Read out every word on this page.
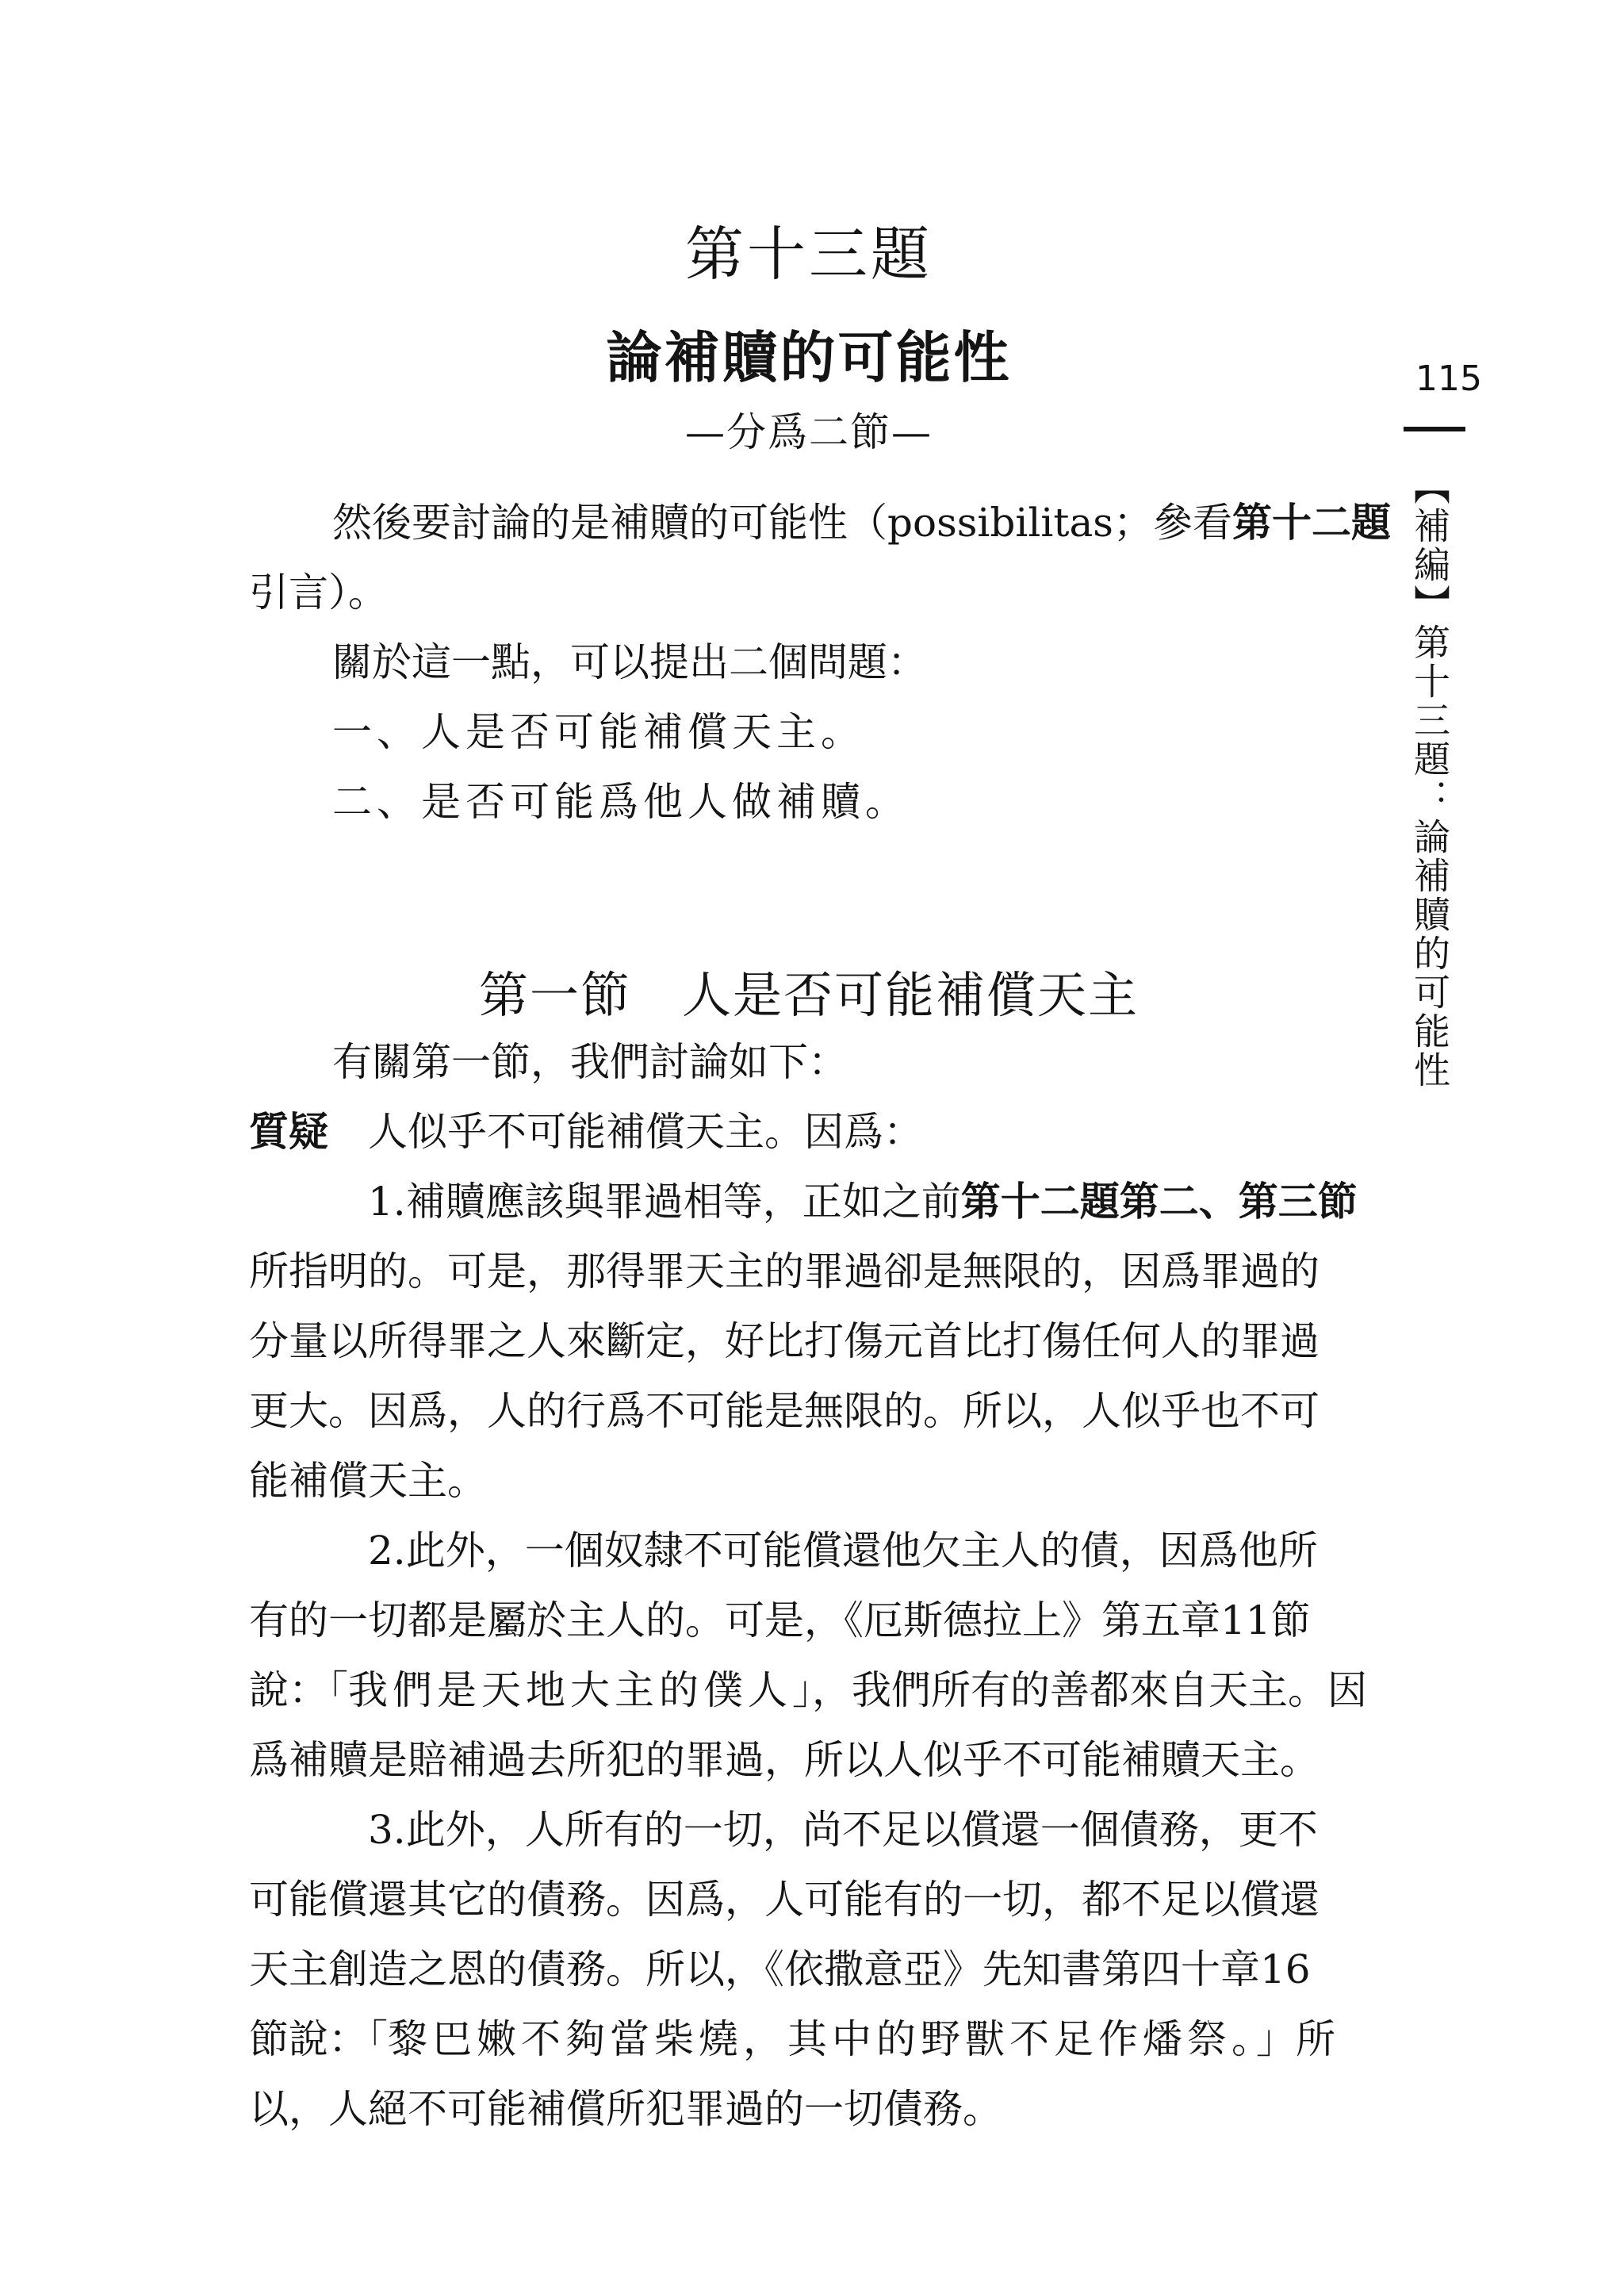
第十三題
論補贖的可能性
—分爲二節—
然後要討論的是補贖的可能性（possibilitas；參看第十二題
引言）。
關於這一點，可以提出二個問題：
一、人是否可能補償天主。
二、是否可能爲他人做補贖。
第一節　人是否可能補償天主
有關第一節，我們討論如下：
質疑　 人似乎不可能補償天主。因爲：
1.補贖應該與罪過相等，正如之前第十二題第二、第三節
所指明的。可是，那得罪天主的罪過卻是無限的，因爲罪過的
分量以所得罪之人來斷定，好比打傷元首比打傷任何人的罪過
更大。因爲，人的行爲不可能是無限的。所以，人似乎也不可
能補償天主。
2.此外，一個奴隸不可能償還他欠主人的債，因爲他所
有的一切都是屬於主人的。可是，《厄斯德拉上》第五章11節
說：「我們是天地大主的僕人」，我們所有的善都來自天主。因
爲補贖是賠補過去所犯的罪過，所以人似乎不可能補贖天主。
3.此外，人所有的一切，尚不足以償還一個債務，更不
可能償還其它的債務。因爲，人可能有的一切，都不足以償還
天主創造之恩的債務。所以，《依撒意亞》先知書第四十章16
節說：「黎巴嫩不夠當柴燒，其中的野獸不足作燔祭。」所
以，人絕不可能補償所犯罪過的一切債務。
115
【補編】第十三題：論補贖的可能性
